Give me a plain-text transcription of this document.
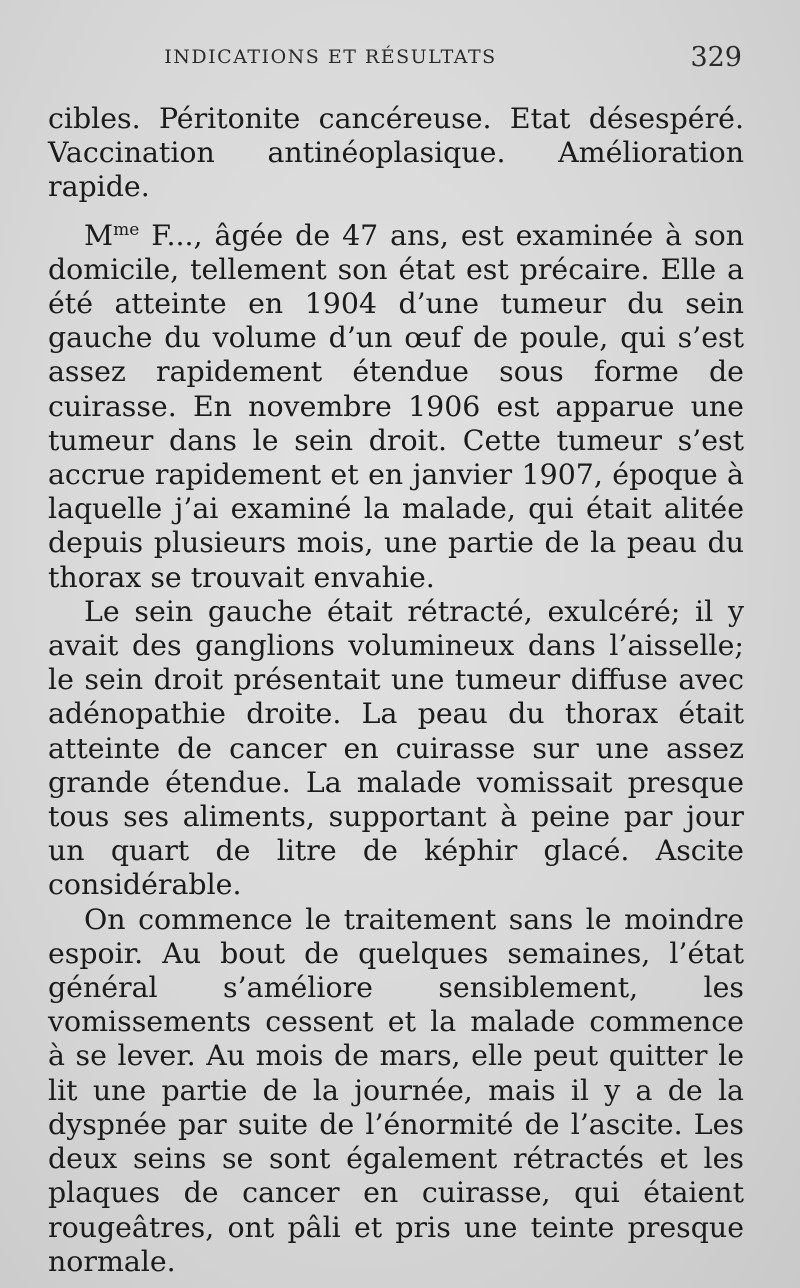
INDICATIONS ET RÉSULTATS	329

cibles. Péritonite cancéreuse. Etat désespéré. Vaccination antinéoplasique. Amélioration rapide.

$M^{me}$ F..., âgée de 47 ans, est examinée à son domicile, tellement son état est précaire. Elle a été atteinte en 1904 d’une tumeur du sein gauche du volume d’un œuf de poule, qui s’est assez rapidement étendue sous forme de cuirasse. En novembre 1906 est apparue une tumeur dans le sein droit. Cette tumeur s’est accrue rapidement et en janvier 1907, époque à laquelle j’ai examiné la malade, qui était alitée depuis plusieurs mois, une partie de la peau du thorax se trouvait envahie.

Le sein gauche était rétracté, exulcéré; il y avait des ganglions volumineux dans l’aisselle; le sein droit présentait une tumeur diffuse avec adénopathie droite. La peau du thorax était atteinte de cancer en cuirasse sur une assez grande étendue. La malade vomissait presque tous ses aliments, supportant à peine par jour un quart de litre de képhir glacé. Ascite considérable.

On commence le traitement sans le moindre espoir. Au bout de quelques semaines, l’état général s’améliore sensiblement, les vomissements cessent et la malade commence à se lever. Au mois de mars, elle peut quitter le lit une partie de la journée, mais il y a de la dyspnée par suite de l’énormité de l’ascite. Les deux seins se sont également rétractés et les plaques de cancer en cuirasse, qui étaient rougeâtres, ont pâli et pris une teinte presque normale.
